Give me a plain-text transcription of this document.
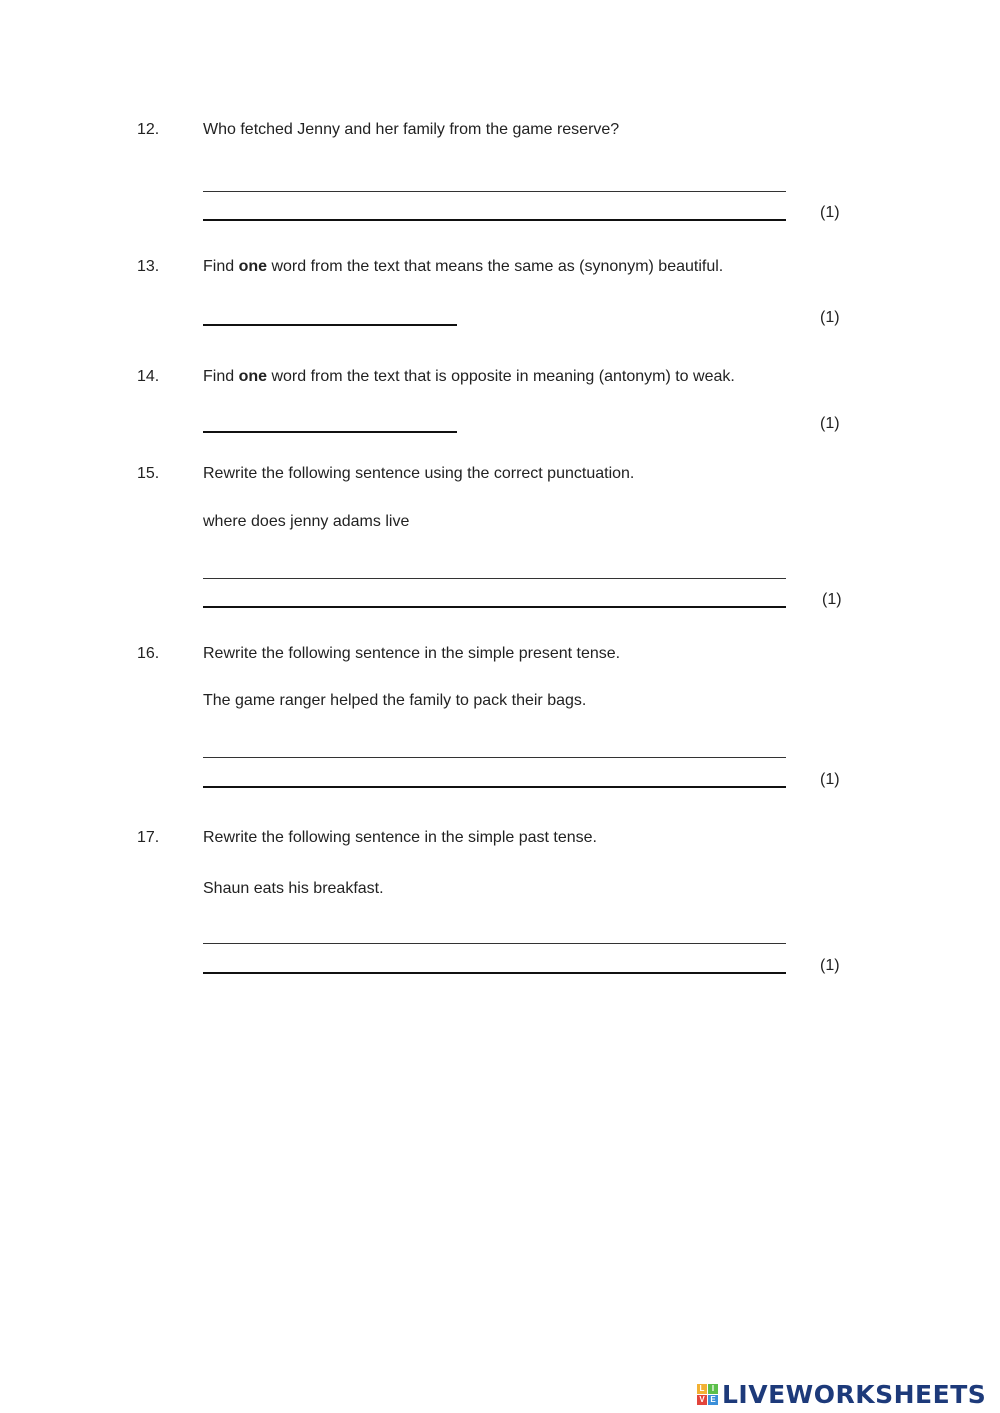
12.	Who fetched Jenny and her family from the game reserve?
(1)
13.	Find one word from the text that means the same as (synonym) beautiful.
(1)
14.	Find one word from the text that is opposite in meaning (antonym) to weak.
(1)
15.	Rewrite the following sentence using the correct punctuation.
where does jenny adams live
(1)
16.	Rewrite the following sentence in the simple present tense.
The game ranger helped the family to pack their bags.
(1)
17.	Rewrite the following sentence in the simple past tense.
Shaun eats his breakfast.
(1)
L I
V E LIVEWORKSHEETS
